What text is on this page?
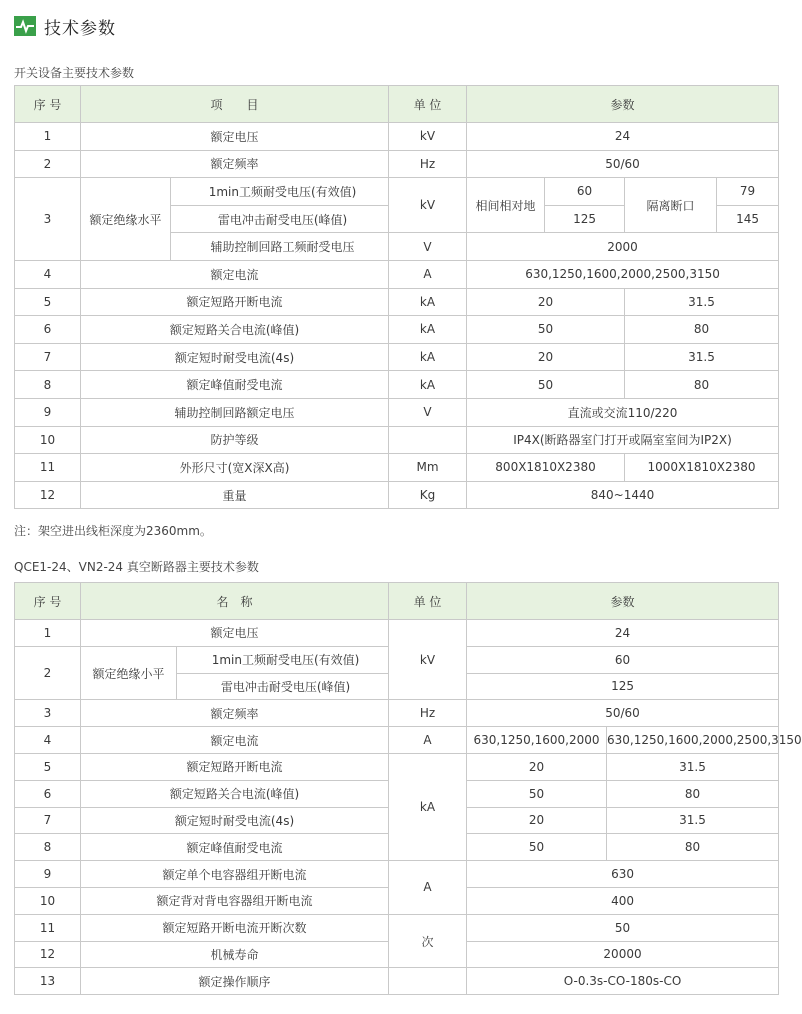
技术参数
开关设备主要技术参数
序 号	项　　目		单 位	参数			
1	额定电压		kV	24			
2	额定频率		Hz	50/60			
3	额定绝缘水平	1min工频耐受电压(有效值)	kV	相间相对地	60	隔离断口	79
		雷电冲击耐受电压(峰值)			125		145
		辅助控制回路工频耐受电压	V	2000			
4	额定电流		A	630,1250,1600,2000,2500,3150			
5	额定短路开断电流		kA	20		31.5	
6	额定短路关合电流(峰值)		kA	50		80	
7	额定短时耐受电流(4s)		kA	20		31.5	
8	额定峰值耐受电流		kA	50		80	
9	辅助控制回路额定电压		V	直流或交流110/220			
10	防护等级			IP4X(断路器室门打开或隔室室间为IP2X)			
11	外形尺寸(宽X深X高)		Mm	800X1810X2380		1000X1810X2380	
12	重量		Kg	840~1440			
注：架空进出线柜深度为2360mm。
QCE1-24、VN2-24 真空断路器主要技术参数
序 号	名　称		单 位	参数	
1	额定电压		kV	24	
2	额定绝缘小平	1min工频耐受电压(有效值)		60	
		雷电冲击耐受电压(峰值)		125	
3	额定频率		Hz	50/60	
4	额定电流		A	630,1250,1600,2000	630,1250,1600,2000,2500,3150
5	额定短路开断电流		kA	20	31.5
6	额定短路关合电流(峰值)			50	80
7	额定短时耐受电流(4s)			20	31.5
8	额定峰值耐受电流			50	80
9	额定单个电容器组开断电流		A	630	
10	额定背对背电容器组开断电流			400	
11	额定短路开断电流开断次数		次	50	
12	机械寿命			20000	
13	额定操作顺序			O-0.3s-CO-180s-CO	
